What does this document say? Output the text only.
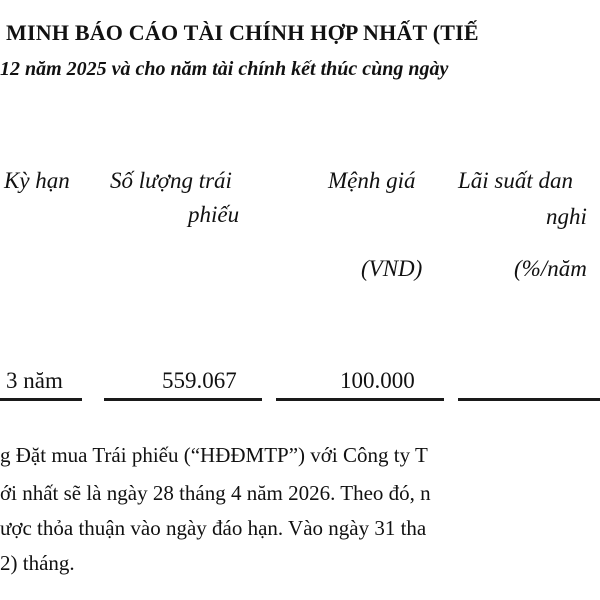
MINH BÁO CÁO TÀI CHÍNH HỢP NHẤT (TIẾ
12 năm 2025 và cho năm tài chính kết thúc cùng ngày
Kỳ hạn Số lượng trái
phiếu
Mệnh giá
(VND)
Lãi suất dan
nghi
(%/năm
3 năm	559.067	100.000
g Đặt mua Trái phiếu (“HĐĐMTP”) với Công ty T
ới nhất sẽ là ngày 28 tháng 4 năm 2026. Theo đó, n
ược thỏa thuận vào ngày đáo hạn. Vào ngày 31 tha
2) tháng.
